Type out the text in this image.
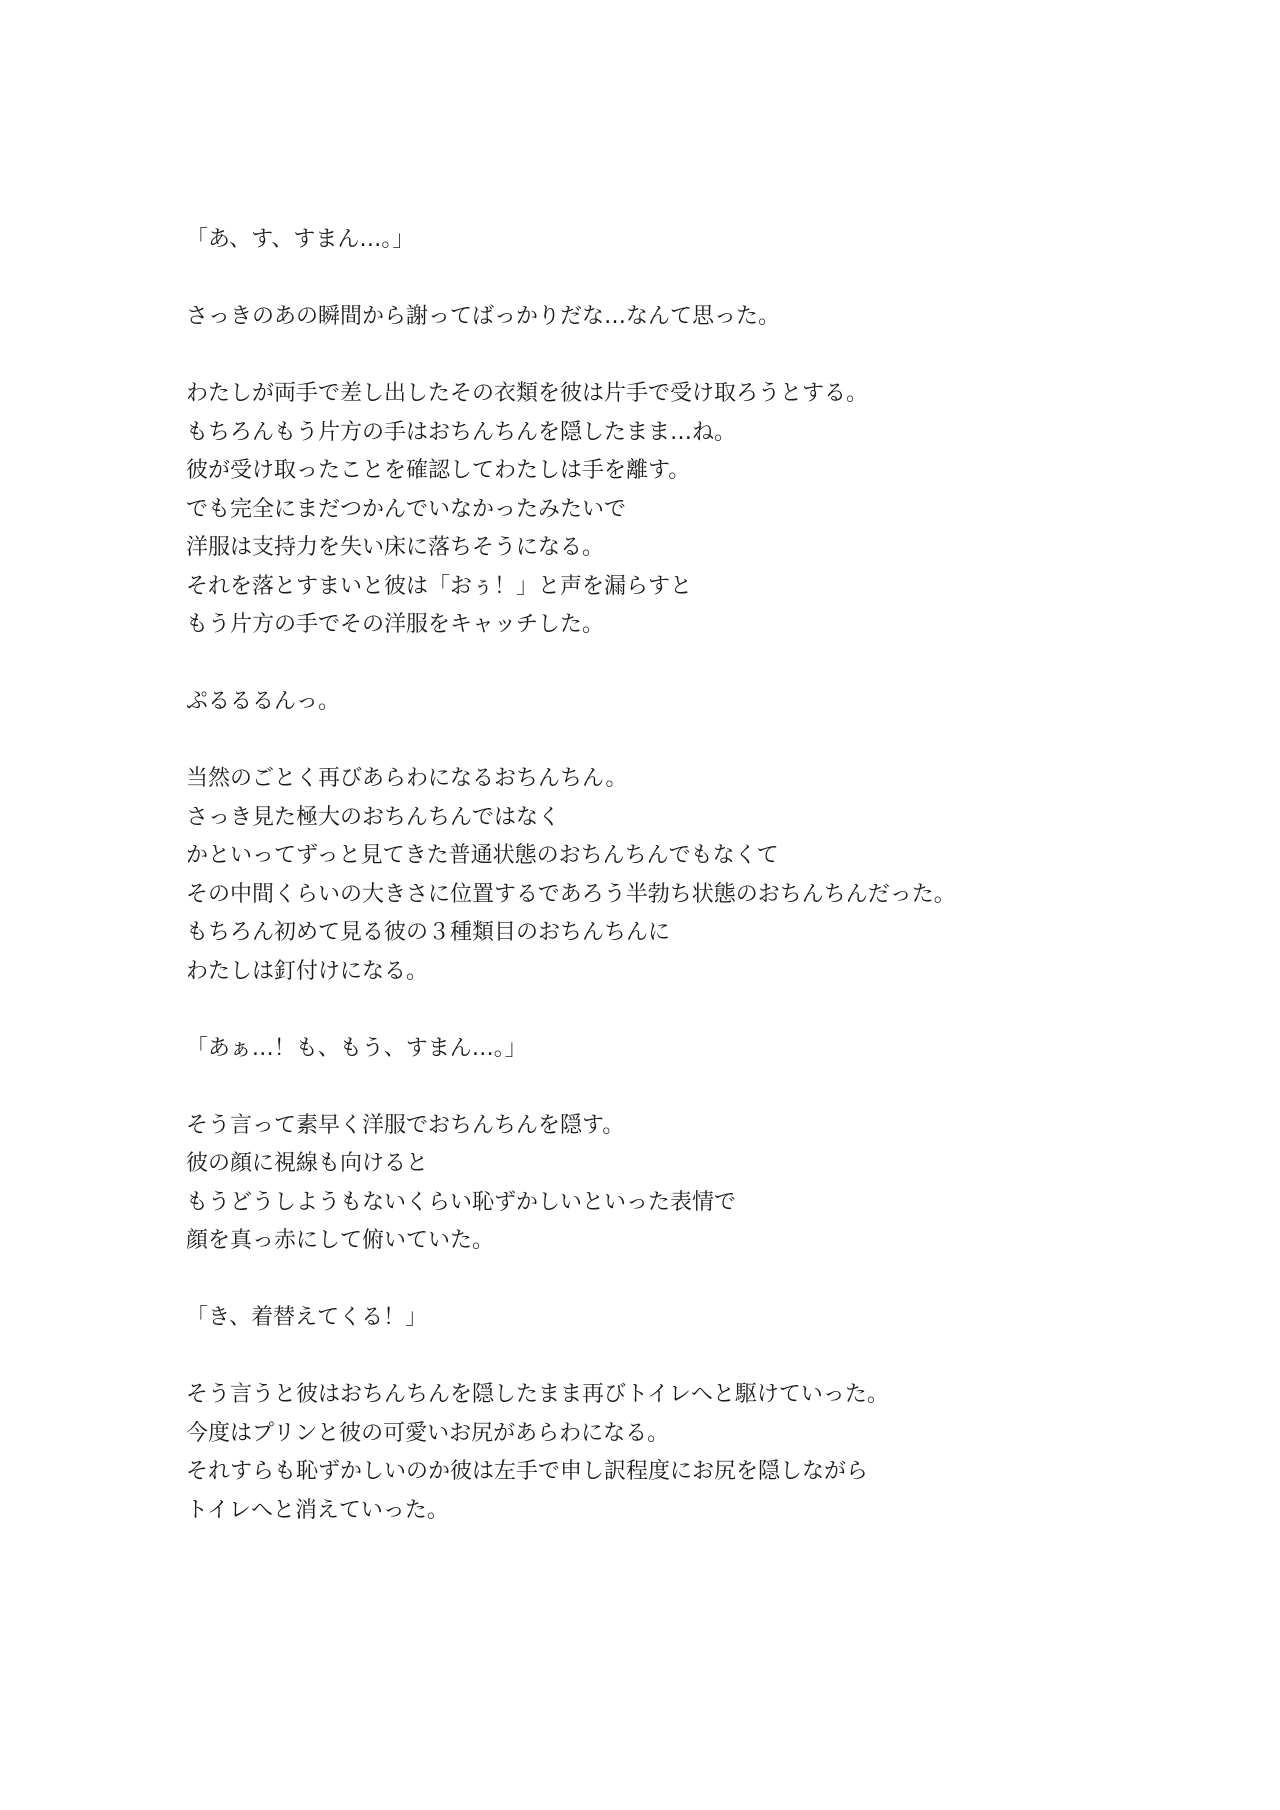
「あ、す、すまん…。」
さっきのあの瞬間から謝ってばっかりだな…なんて思った。
わたしが両手で差し出したその衣類を彼は片手で受け取ろうとする。
もちろんもう片方の手はおちんちんを隠したまま…ね。
彼が受け取ったことを確認してわたしは手を離す。
でも完全にまだつかんでいなかったみたいで
洋服は支持力を失い床に落ちそうになる。
それを落とすまいと彼は「おぅ！」と声を漏らすと
もう片方の手でその洋服をキャッチした。
ぷるるるんっ。
当然のごとく再びあらわになるおちんちん。
さっき見た極大のおちんちんではなく
かといってずっと見てきた普通状態のおちんちんでもなくて
その中間くらいの大きさに位置するであろう半勃ち状態のおちんちんだった。
もちろん初めて見る彼の３種類目のおちんちんに
わたしは釘付けになる。
「あぁ…！も、もう、すまん…。」
そう言って素早く洋服でおちんちんを隠す。
彼の顔に視線も向けると
もうどうしようもないくらい恥ずかしいといった表情で
顔を真っ赤にして俯いていた。
「き、着替えてくる！」
そう言うと彼はおちんちんを隠したまま再びトイレへと駆けていった。
今度はプリンと彼の可愛いお尻があらわになる。
それすらも恥ずかしいのか彼は左手で申し訳程度にお尻を隠しながら
トイレへと消えていった。
